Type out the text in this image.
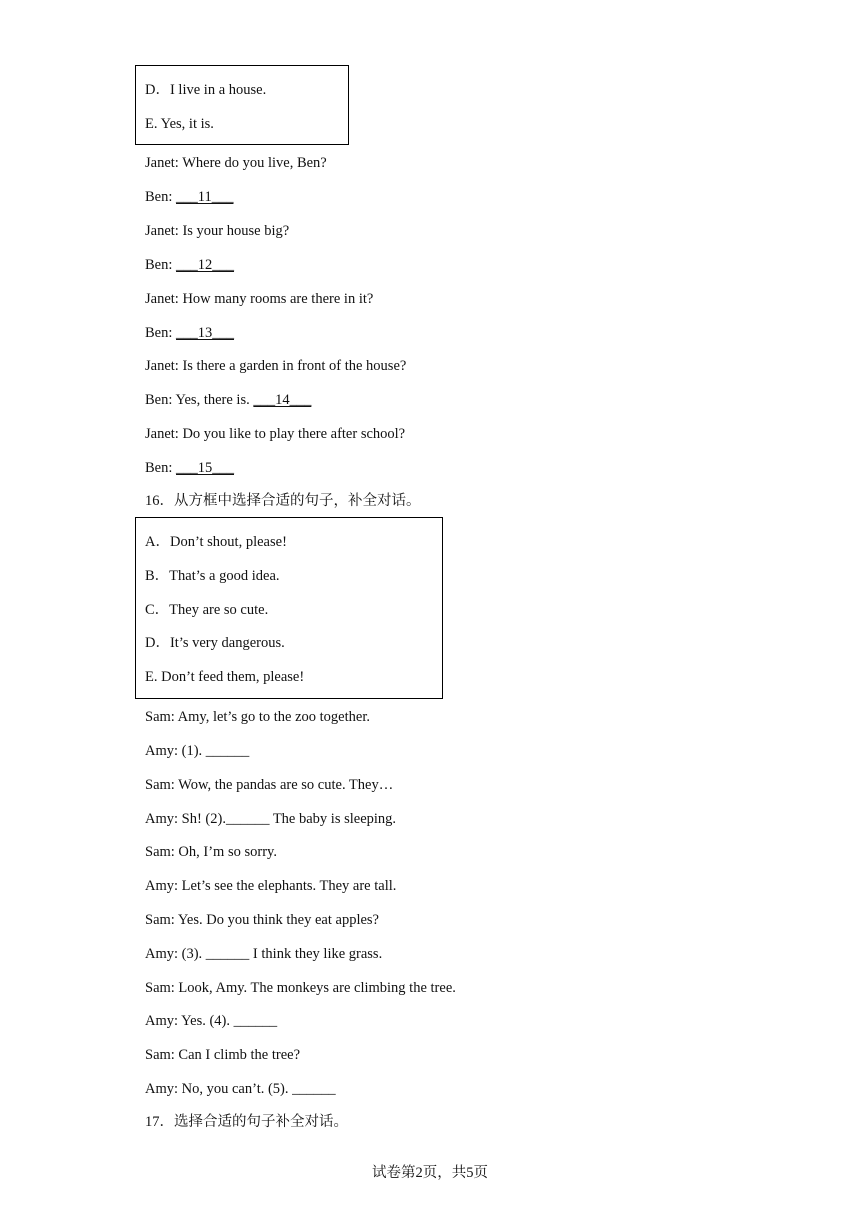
D．I live in a house.
E. Yes, it is.
Janet: Where do you live, Ben?
Ben: ___11___
Janet: Is your house big?
Ben: ___12___
Janet: How many rooms are there in it?
Ben: ___13___
Janet: Is there a garden in front of the house?
Ben: Yes, there is. ___14___
Janet: Do you like to play there after school?
Ben: ___15___
16．从方框中选择合适的句子，补全对话。
A．Don’t shout, please!
B．That’s a good idea.
C．They are so cute.
D．It’s very dangerous.
E. Don’t feed them, please!
Sam: Amy, let’s go to the zoo together.
Amy: (1). ______
Sam: Wow, the pandas are so cute. They…
Amy: Sh! (2).______ The baby is sleeping.
Sam: Oh, I’m so sorry.
Amy: Let’s see the elephants. They are tall.
Sam: Yes. Do you think they eat apples?
Amy: (3). ______ I think they like grass.
Sam: Look, Amy. The monkeys are climbing the tree.
Amy: Yes. (4). ______
Sam: Can I climb the tree?
Amy: No, you can’t. (5). ______
17．选择合适的句子补全对话。
试卷第2页，共5页
